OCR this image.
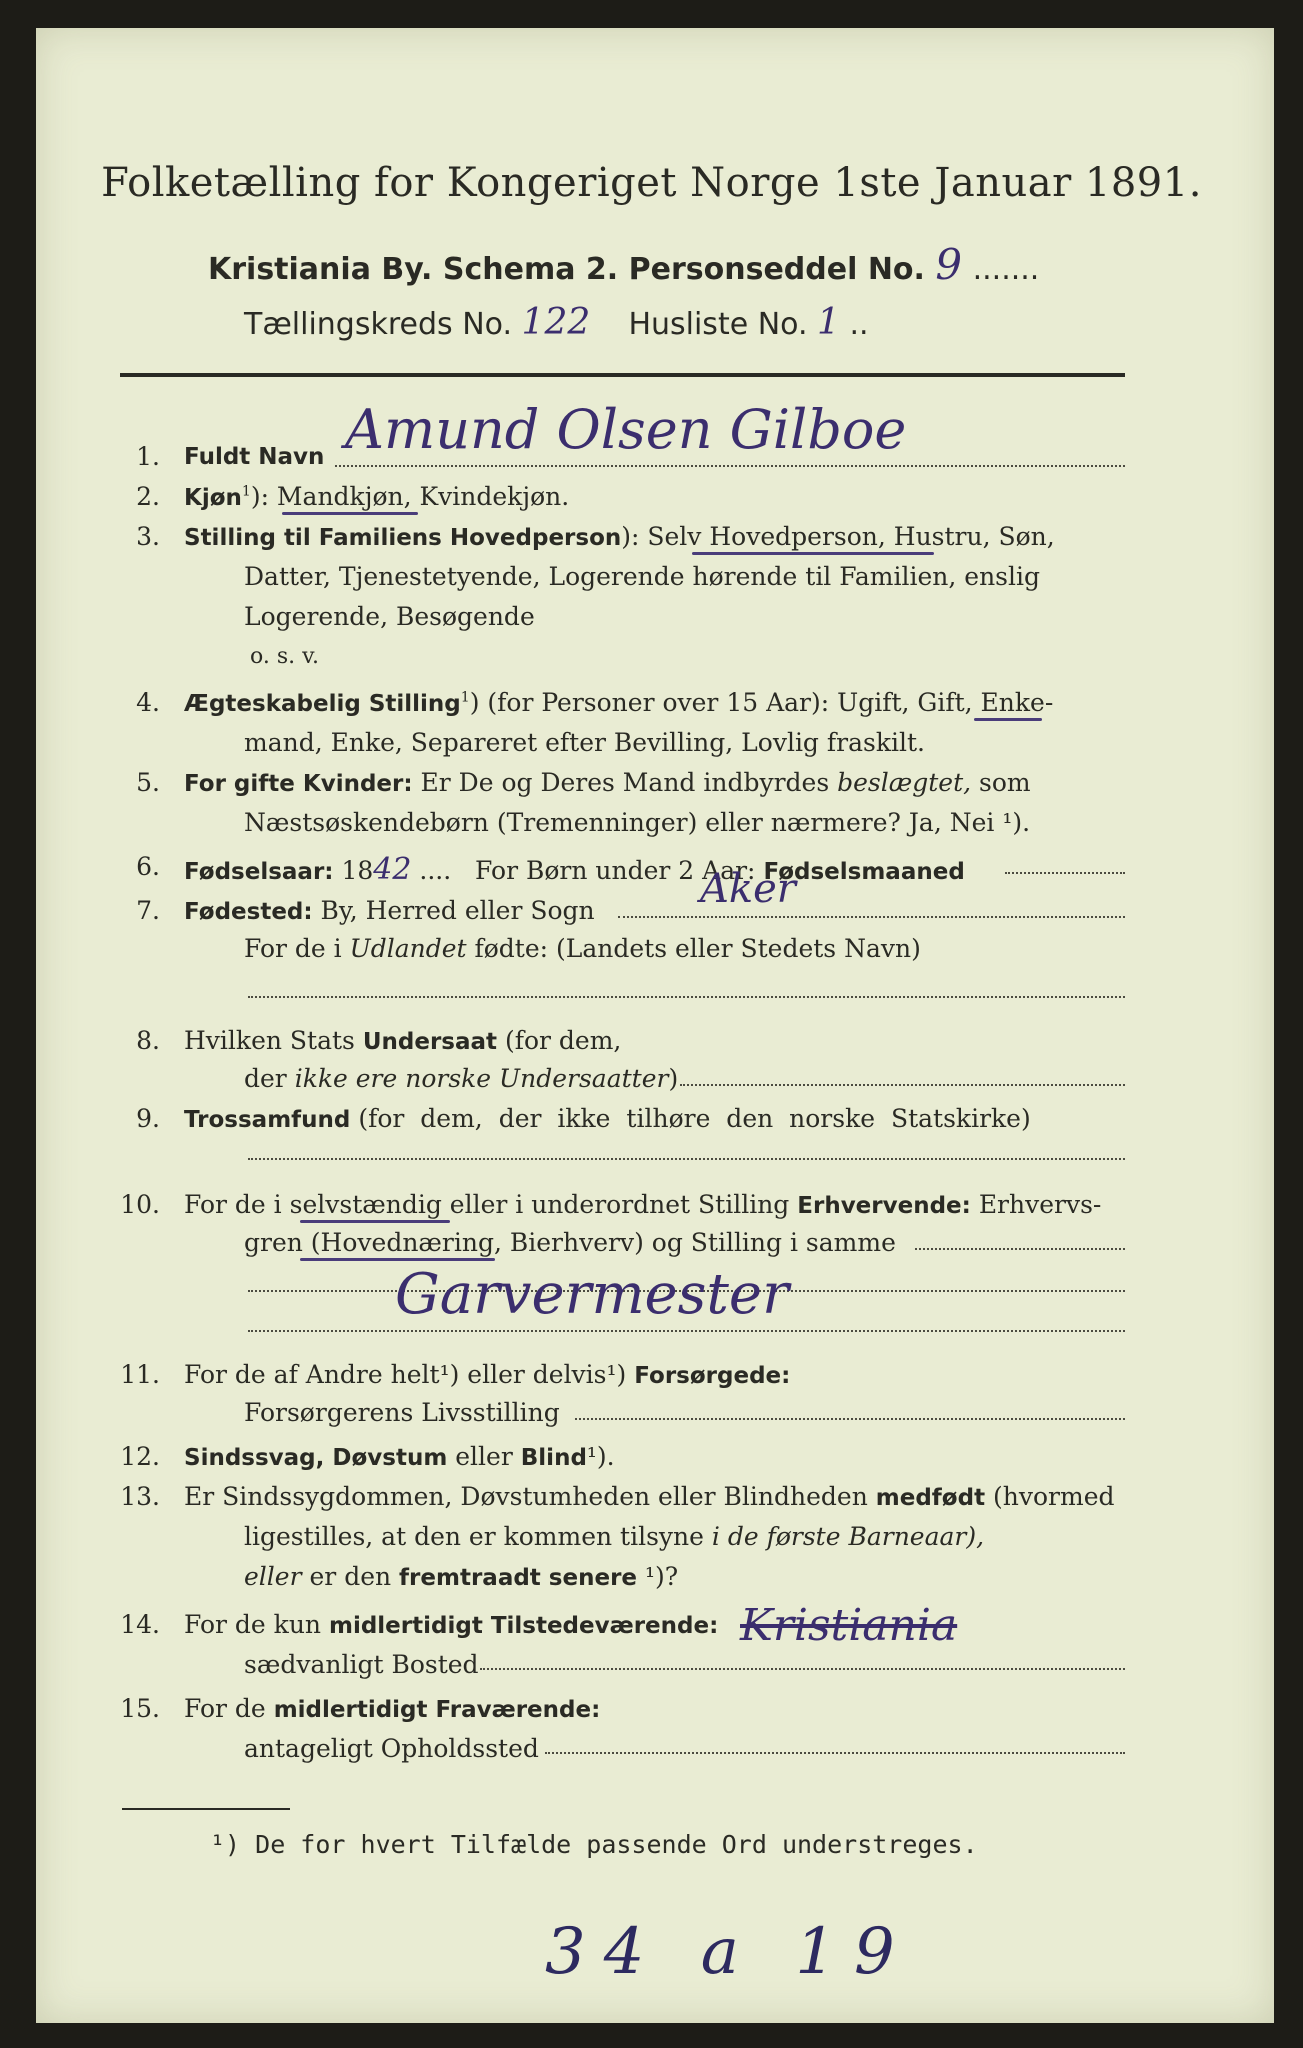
Folketælling for Kongeriget Norge 1ste Januar 1891.
Kristiania By. Schema 2. Personseddel No. 9 .......
Tællingskreds No. 122 Husliste No. 1 ..
1. Fuldt Navn Amund Olsen Gilboe
2. Kjøn$^1$): Mandkjøn, Kvindekjøn.
3. Stilling til Familiens Hovedperson): Selv Hovedperson, Hustru, Søn,
Datter, Tjenestetyende, Logerende hørende til Familien, enslig
Logerende, Besøgende
o. s. v.
4. Ægteskabelig Stilling$^1$) (for Personer over 15 Aar): Ugift, Gift, Enke-
mand, Enke, Separeret efter Bevilling, Lovlig fraskilt.
5. For gifte Kvinder: Er De og Deres Mand indbyrdes beslægtet, som
Næstsøskendebørn (Tremenninger) eller nærmere? Ja, Nei ¹).
6. Fødselsaar: 1842 ....   For Børn under 2 Aar: Fødselsmaaned
7. Fødested: By, Herred eller Sogn	Aker
For de i Udlandet fødte: (Landets eller Stedets Navn)
8. Hvilken Stats Undersaat (for dem,
der ikke ere norske Undersaatter)
9. Trossamfund (for dem, der ikke tilhøre den norske Statskirke)
10. For de i selvstændig eller i underordnet Stilling Erhvervende: Erhvervs-
gren (Hovednæring, Bierhverv) og Stilling i samme
Garvermester
11. For de af Andre helt¹) eller delvis¹) Forsørgede:
Forsørgerens Livsstilling
12. Sindssvag, Døvstum eller Blind¹).
13. Er Sindssygdommen, Døvstumheden eller Blindheden medfødt (hvormed
ligestilles, at den er kommen tilsyne i de første Barneaar),
eller er den fremtraadt senere ¹)?
14. For de kun midlertidigt Tilstedeværende:
sædvanligt Bosted
Kristiania
15. For de midlertidigt Fraværende:
antageligt Opholdssted
¹) De for hvert Tilfælde passende Ord understreges.
34 a 19
